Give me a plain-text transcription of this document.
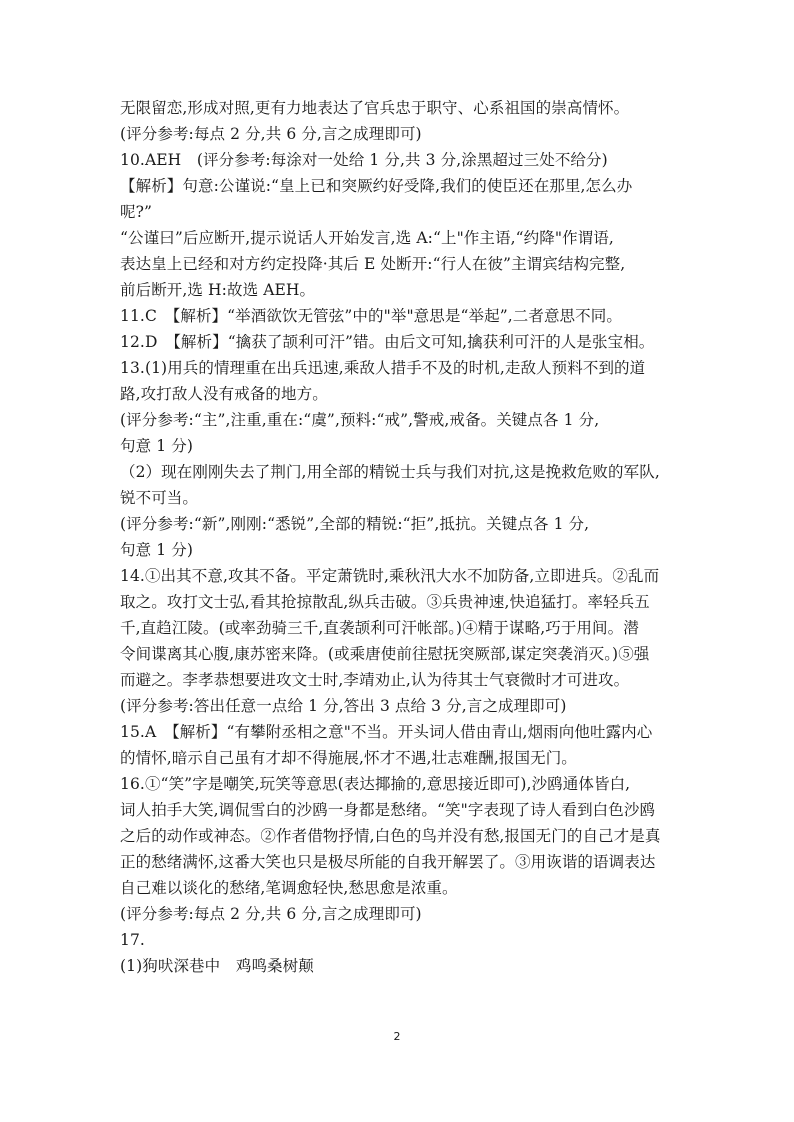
无限留恋,形成对照,更有力地表达了官兵忠于职守、心系祖国的崇高情怀。
(评分参考:每点 2 分,共 6 分,言之成理即可)
10.AEH　(评分参考:每涂对一处给 1 分,共 3 分,涂黑超过三处不给分)
【解析】句意:公谨说:“皇上已和突厥约好受降,我们的使臣还在那里,怎么办
呢?”
“公谨曰”后应断开,提示说话人开始发言,选 A:“上"作主语,“约降"作谓语,
表达皇上已经和对方约定投降·其后 E 处断开:“行人在彼”主谓宾结构完整,
前后断开,选 H:故选 AEH。
11.C　【解析】“举酒欲饮无管弦”中的"举"意思是“举起”,二者意思不同。
12.D　【解析】“擒获了颉利可汗”错。由后文可知,擒获利可汗的人是张宝相。
13.(1)用兵的情理重在出兵迅速,乘敌人措手不及的时机,走敌人预料不到的道
路,攻打敌人没有戒备的地方。
(评分参考:“主”,注重,重在:“虞”,预料:“戒”,警戒,戒备。关键点各 1 分,
句意 1 分)
（2）现在刚刚失去了荆门,用全部的精锐士兵与我们对抗,这是挽救危败的军队,
锐不可当。
(评分参考:“新”,刚刚:“悉锐”,全部的精锐:“拒”,抵抗。关键点各 1 分,
句意 1 分)
14.①出其不意,攻其不备。平定萧铣时,乘秋汛大水不加防备,立即进兵。②乱而
取之。攻打文士弘,看其抢掠散乱,纵兵击破。③兵贵神速,快追猛打。率轻兵五
千,直趋江陵。(或率劲骑三千,直袭颉利可汗帐部。)④精于谋略,巧于用间。潜
令间谍离其心腹,康苏密来降。(或乘唐使前往慰抚突厥部,谋定突袭消灭。)⑤强
而避之。李孝恭想要进攻文士时,李靖劝止,认为待其士气衰微时才可进攻。
(评分参考:答出任意一点给 1 分,答出 3 点给 3 分,言之成理即可)
15.A　【解析】“有攀附丞相之意"不当。开头词人借由青山,烟雨向他吐露内心
的情怀,暗示自己虽有才却不得施展,怀才不遇,壮志难酬,报国无门。
16.①“笑”字是嘲笑,玩笑等意思(表达揶揄的,意思接近即可),沙鸥通体皆白,
词人拍手大笑,调侃雪白的沙鸥一身都是愁绪。“笑"字表现了诗人看到白色沙鸥
之后的动作或神态。②作者借物抒情,白色的鸟并没有愁,报国无门的自己才是真
正的愁绪满怀,这番大笑也只是极尽所能的自我开解罢了。③用诙谐的语调表达
自己难以谈化的愁绪,笔调愈轻快,愁思愈是浓重。
(评分参考:每点 2 分,共 6 分,言之成理即可)
17.
(1)狗吠深巷中　鸡鸣桑树颠
2
